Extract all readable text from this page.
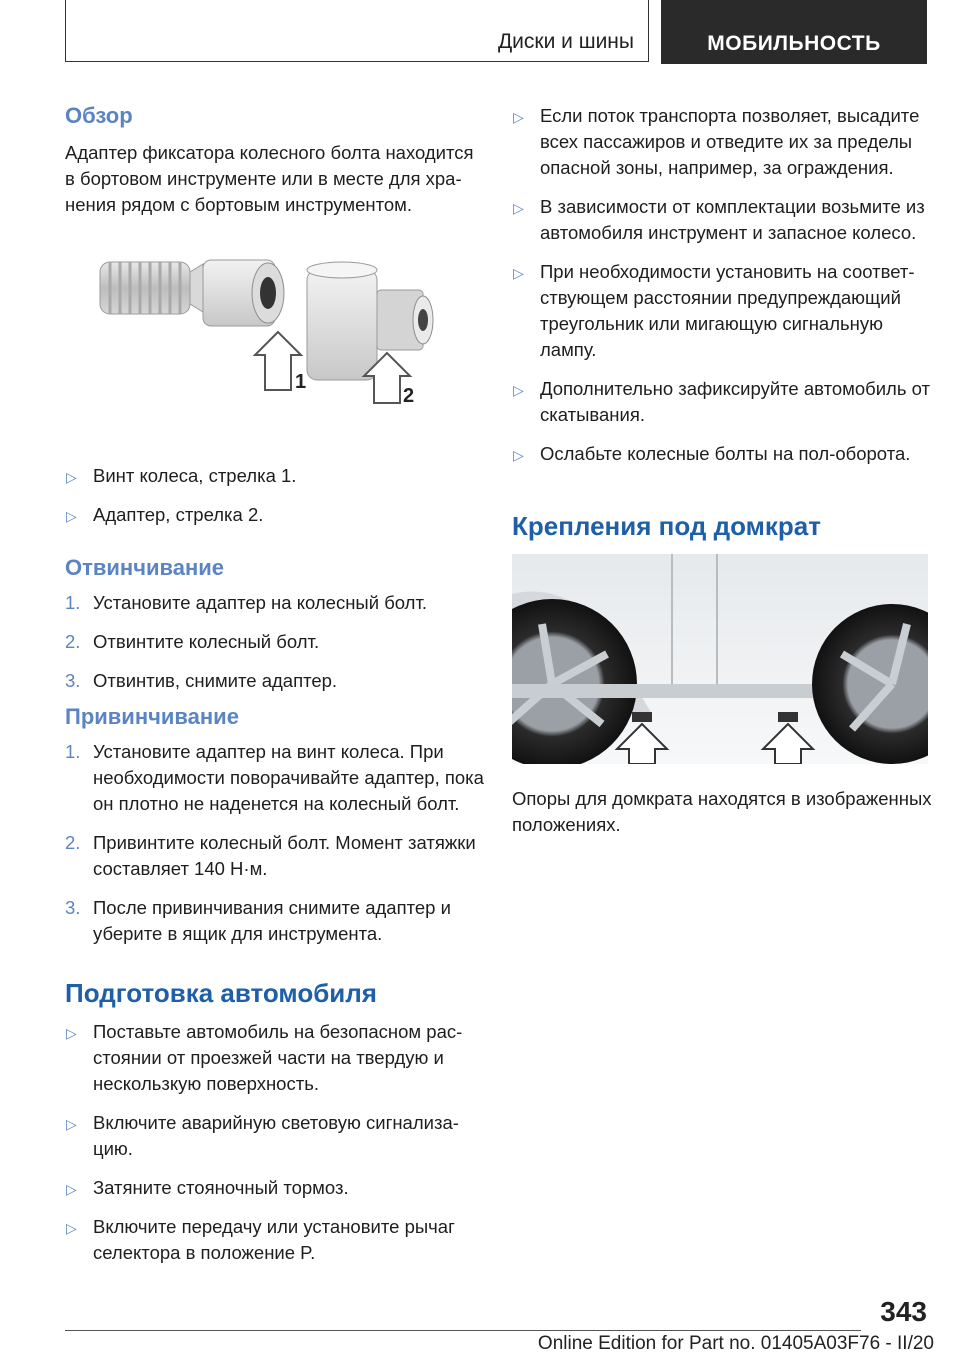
Диски и шины	МОБИЛЬНОСТЬ
Обзор

Адаптер фиксатора колесного болта находится в бортовом инструменте или в месте для хранения рядом с бортовым инструментом.

1
2
▷ Винт колеса, стрелка 1.
▷ Адаптер, стрелка 2.
Отвинчивание
1. Установите адаптер на колесный болт.
2. Отвинтите колесный болт.
3. Отвинтив, снимите адаптер.
Привинчивание
1. Установите адаптер на винт колеса. При необходимости поворачивайте адаптер, пока он плотно не наденется на колесный болт.
2. Привинтите колесный болт. Момент затяжки составляет 140 Н·м.
3. После привинчивания снимите адаптер и уберите в ящик для инструмента.
Подготовка автомобиля
▷ Поставьте автомобиль на безопасном расстоянии от проезжей части на твердую и нескользкую поверхность.
▷ Включите аварийную световую сигнализацию.
▷ Затяните стояночный тормоз.
▷ Включите передачу или установите рычаг селектора в положение P.
▷ Если поток транспорта позволяет, высадите всех пассажиров и отведите их за пределы опасной зоны, например, за ограждения.
▷ В зависимости от комплектации возьмите из автомобиля инструмент и запасное колесо.
▷ При необходимости установить на соответствующем расстоянии предупреждающий треугольник или мигающую сигнальную лампу.
▷ Дополнительно зафиксируйте автомобиль от скатывания.
▷ Ослабьте колесные болты на пол-оборота.
Крепления под домкрат

Опоры для домкрата находятся в изображенных положениях.

343
Online Edition for Part no. 01405A03F76 - II/20
